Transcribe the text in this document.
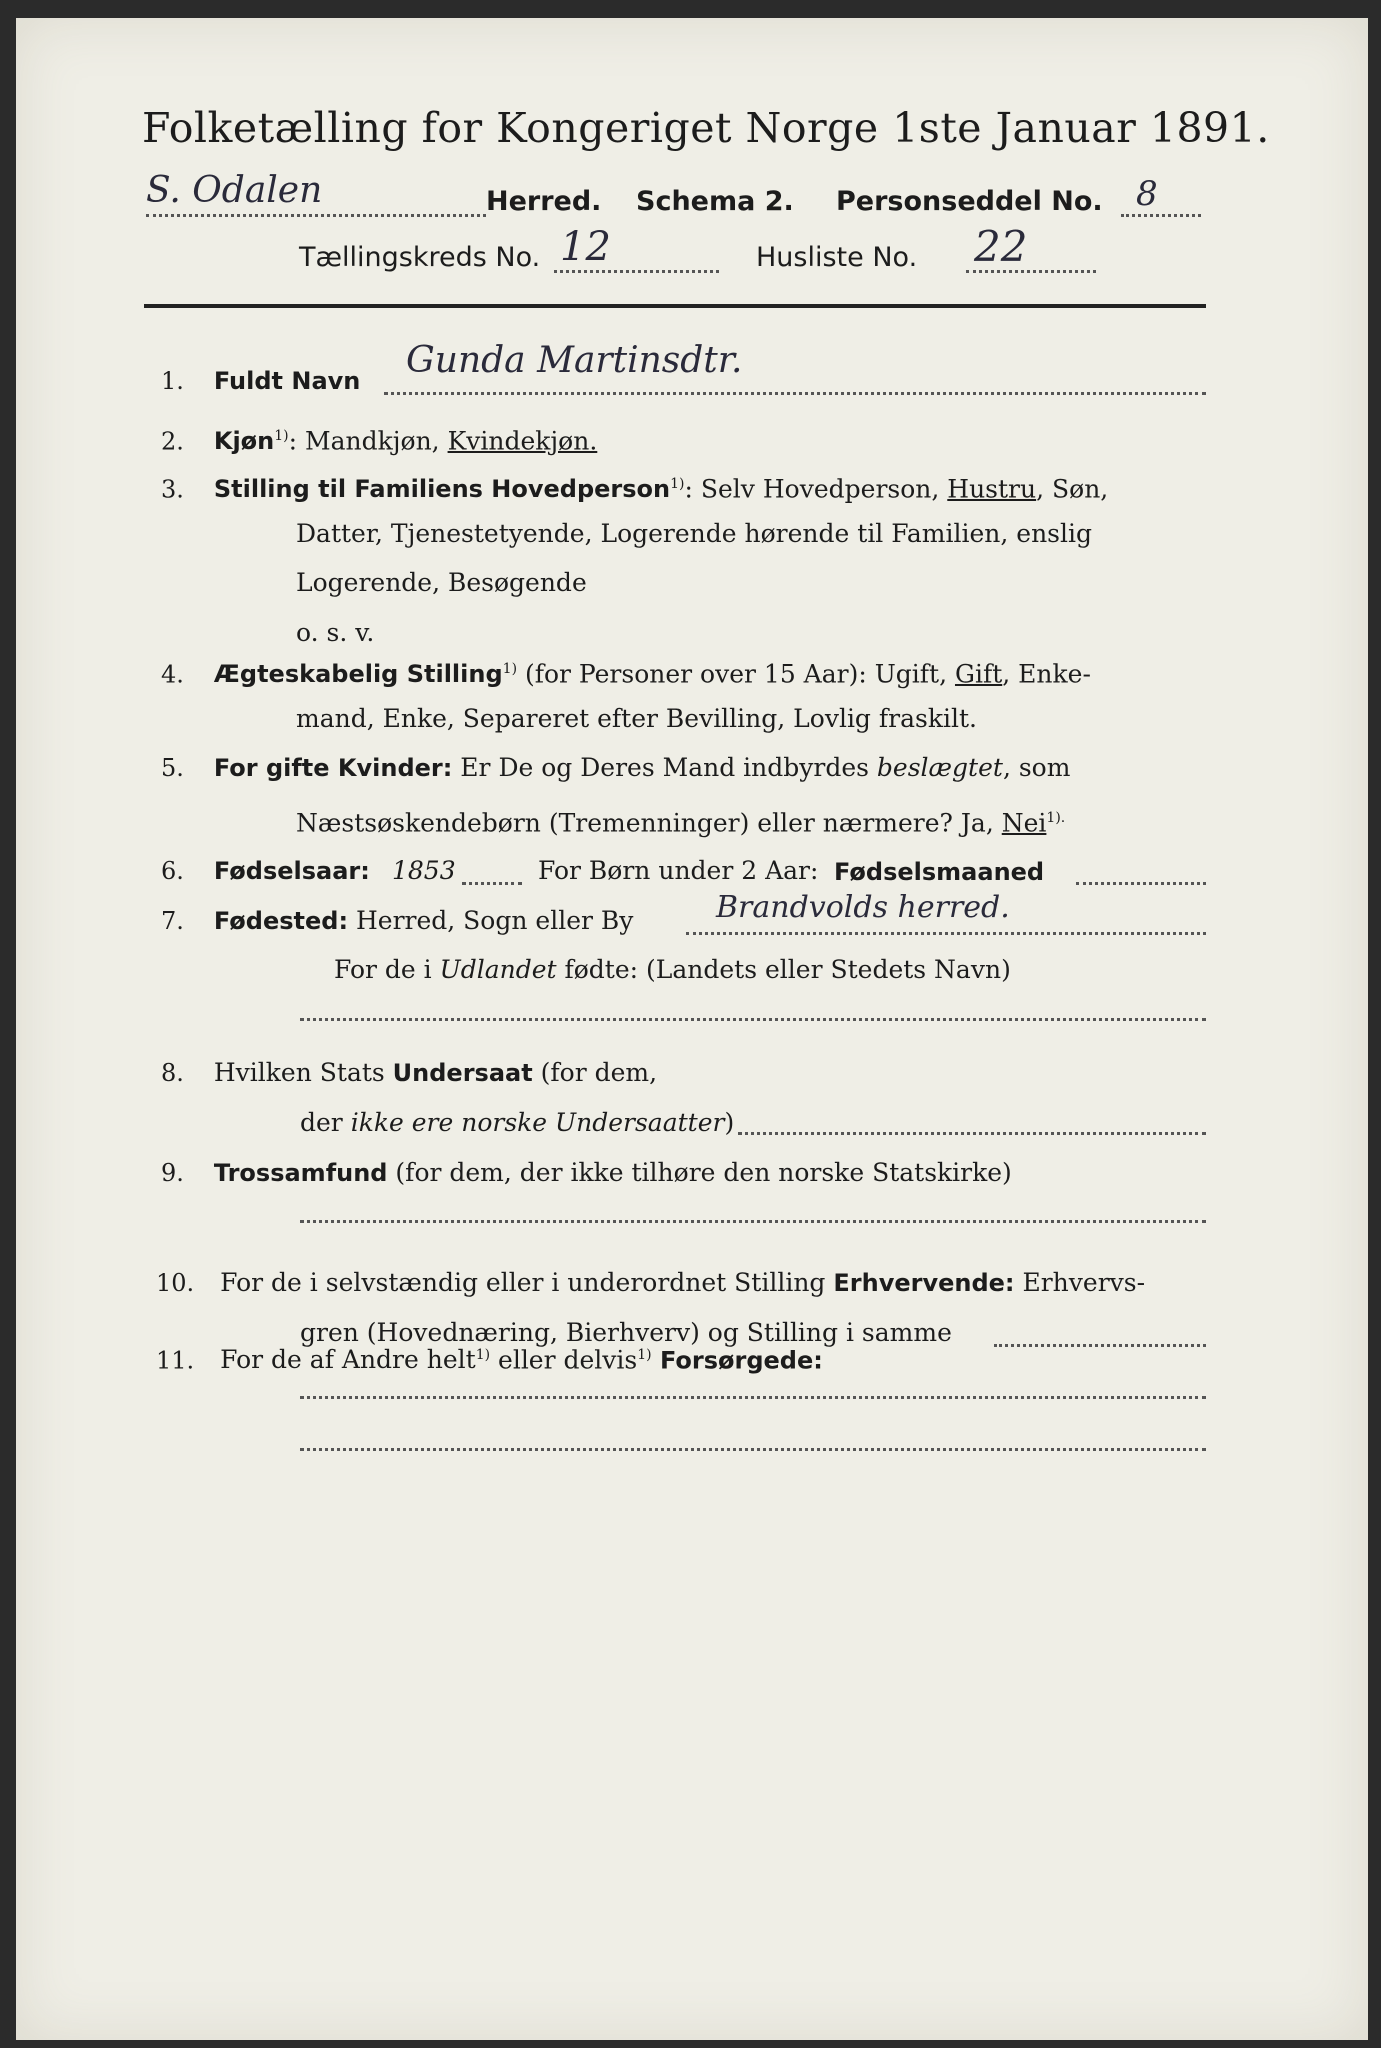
Folketælling for Kongeriget Norge 1ste Januar 1891.
S. Odalen	Herred. Schema 2. Personseddel No. 8
Tællingskreds No. 12	Husliste No. 22
1. Fuldt Navn Gunda Martinsdtr.
2. Kjøn$^{1)}$: Mandkjøn, Kvindekjøn.
3. Stilling til Familiens Hovedperson$^{1)}$: Selv Hovedperson, Hustru, Søn,
Datter, Tjenestetyende, Logerende hørende til Familien, enslig
Logerende, Besøgende
o. s. v.
4. Ægteskabelig Stilling$^{1)}$ (for Personer over 15 Aar): Ugift, Gift, Enke-
mand, Enke, Separeret efter Bevilling, Lovlig fraskilt.
5. For gifte Kvinder: Er De og Deres Mand indbyrdes beslægtet, som
Næstsøskendebørn (Tremenninger) eller nærmere? Ja, Nei$^{1).}$
6. Fødselsaar: 1853	For Børn under 2 Aar: Fødselsmaaned
7. Fødested: Herred, Sogn eller By	Brandvolds herred.
For de i Udlandet fødte: (Landets eller Stedets Navn)
8. Hvilken Stats Undersaat (for dem,
der ikke ere norske Undersaatter)
9. Trossamfund (for dem, der ikke tilhøre den norske Statskirke)
10. For de i selvstændig eller i underordnet Stilling Erhvervende: Erhvervs-
gren (Hovednæring, Bierhverv) og Stilling i samme
11. For de af Andre helt$^{1)}$ eller delvis$^{1)}$ Forsørgede:
